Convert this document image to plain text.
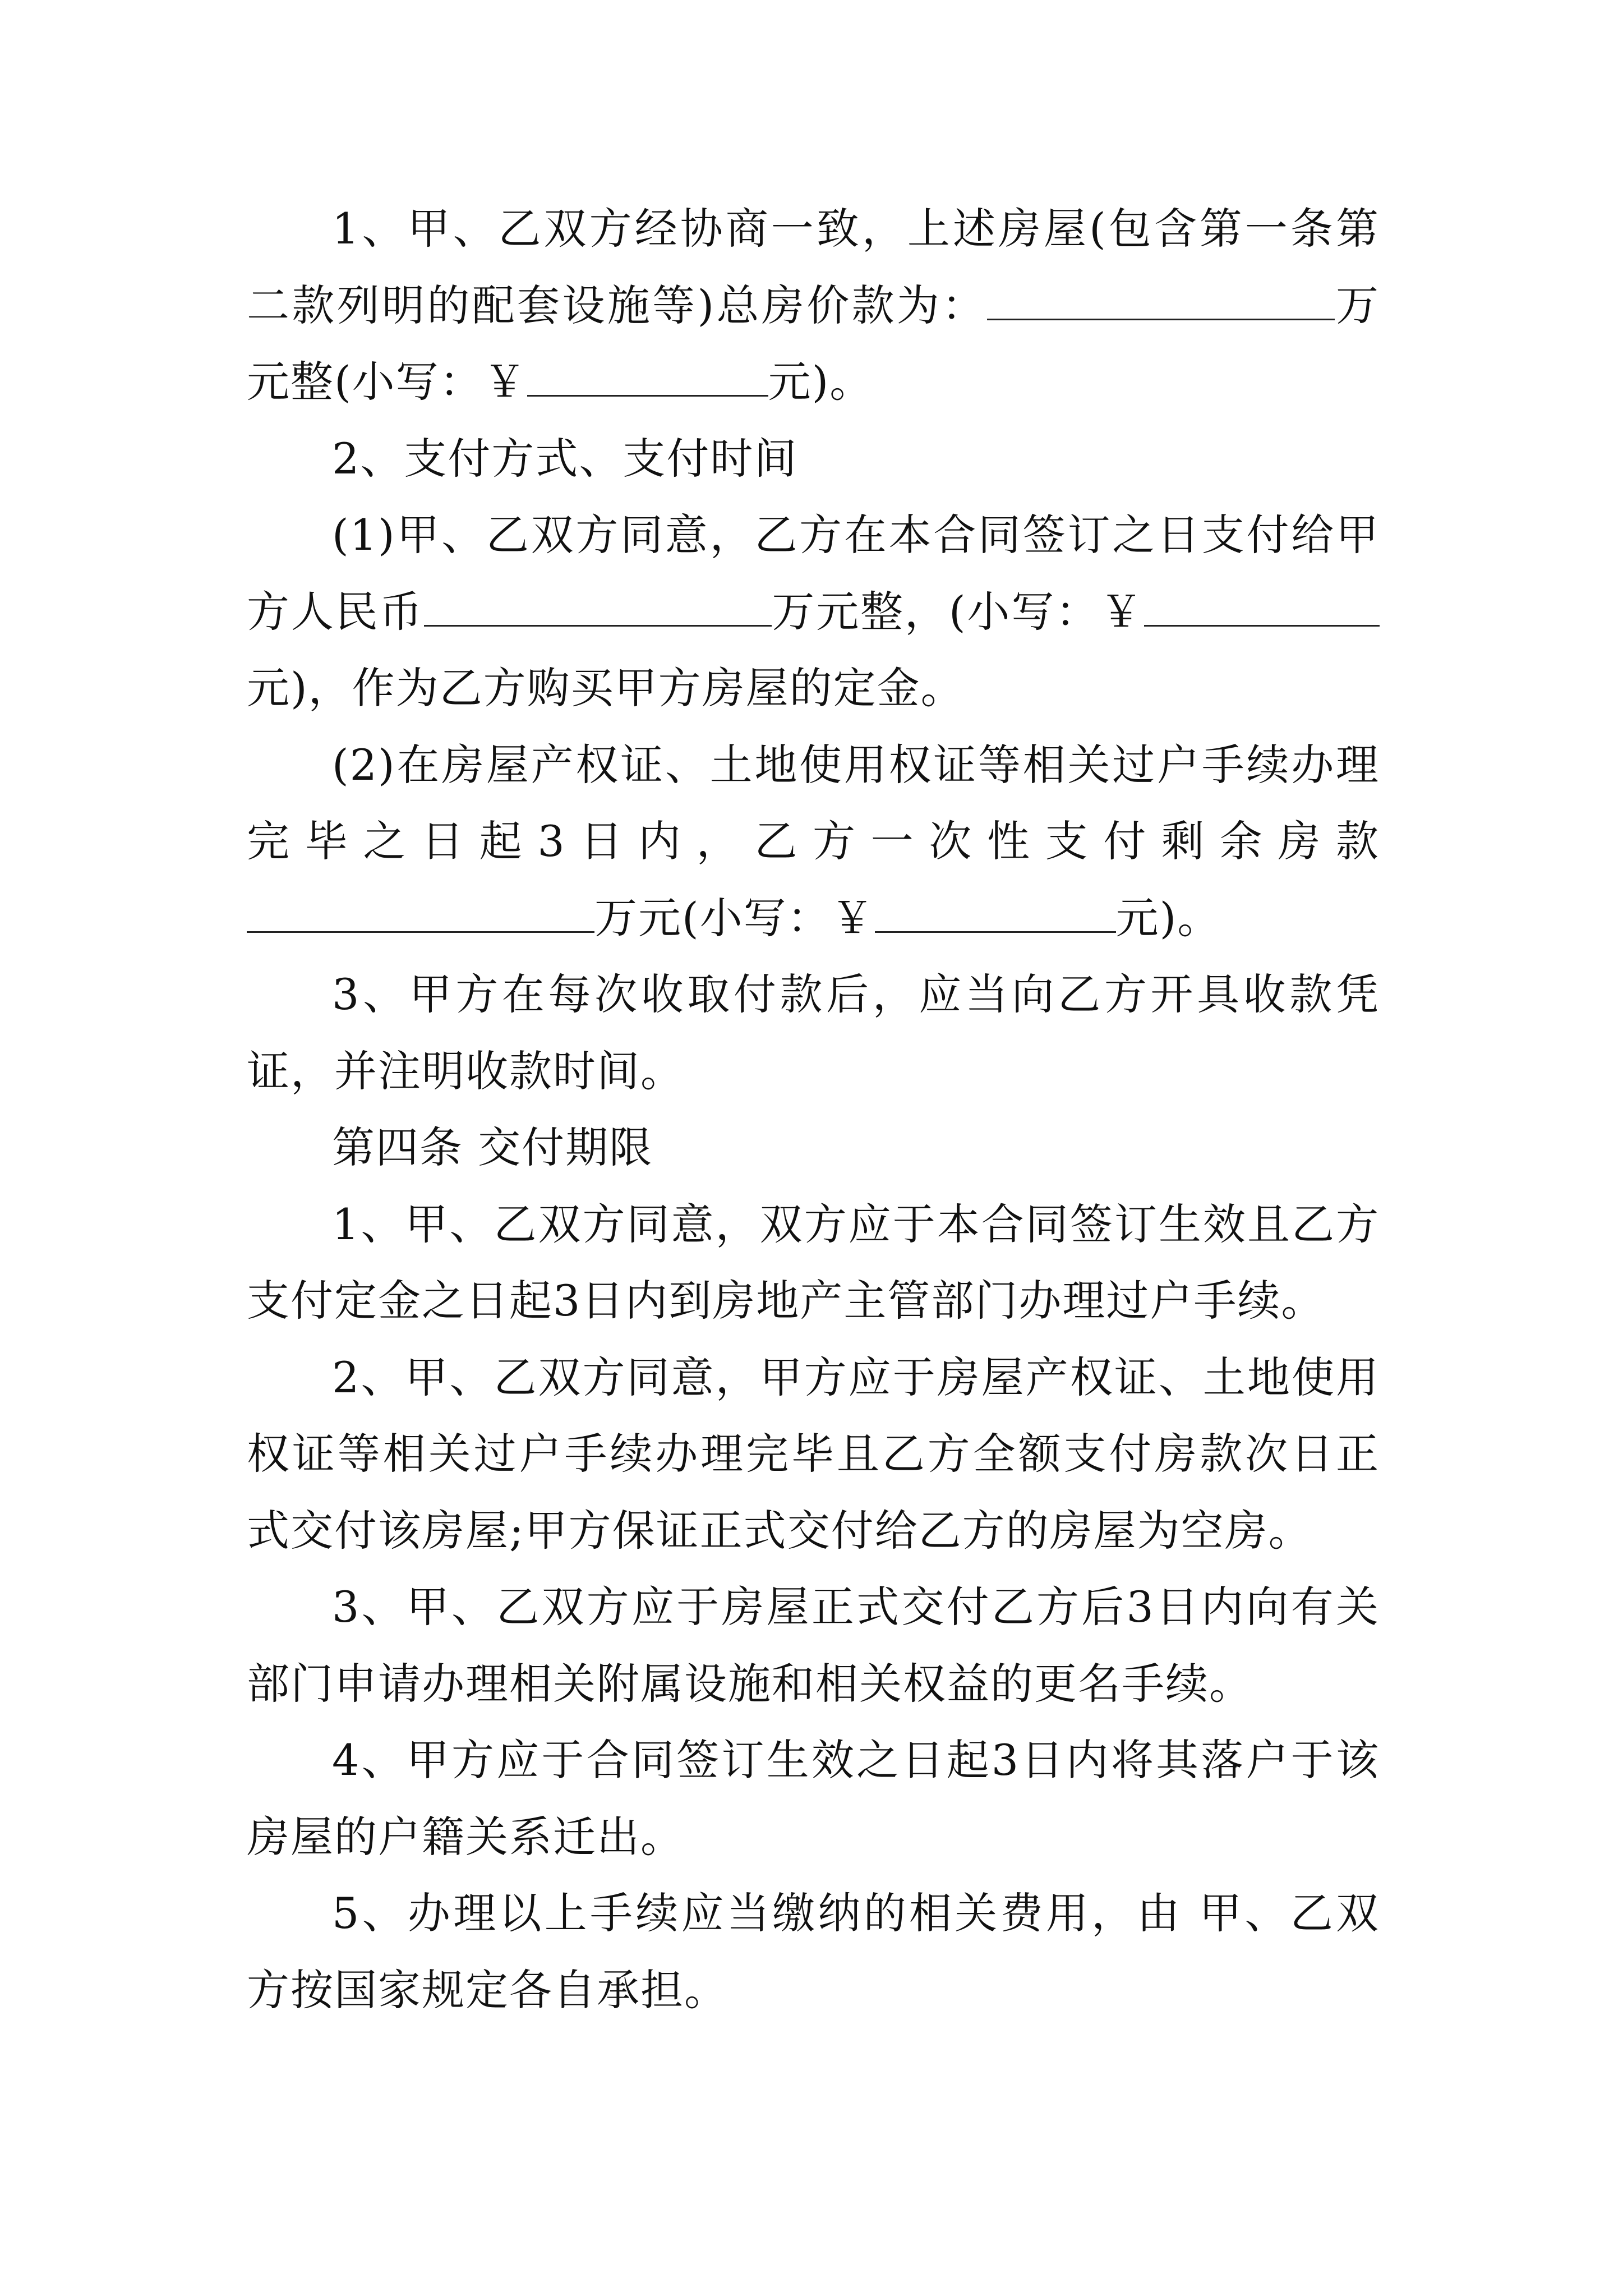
1、甲、乙双方经协商一致，上述房屋(包含第一条第二款列明的配套设施等)总房价款为：	万元整(小写：￥	元)。

2、支付方式、支付时间

(1)甲、乙双方同意，乙方在本合同签订之日支付给甲方人民币	万元整，(小写：￥元)，作为乙方购买甲方房屋的定金。

(2)在房屋产权证、土地使用权证等相关过户手续办理完毕之日起3日内，乙方一次性支付剩余房款万元(小写：￥	元)。

3、甲方在每次收取付款后，应当向乙方开具收款凭证，并注明收款时间。

第四条 交付期限

1、甲、乙双方同意，双方应于本合同签订生效且乙方支付定金之日起3日内到房地产主管部门办理过户手续。

2、甲、乙双方同意，甲方应于房屋产权证、土地使用权证等相关过户手续办理完毕且乙方全额支付房款次日正式交付该房屋;甲方保证正式交付给乙方的房屋为空房。

3、甲、乙双方应于房屋正式交付乙方后3日内向有关部门申请办理相关附属设施和相关权益的更名手续。

4、甲方应于合同签订生效之日起3日内将其落户于该房屋的户籍关系迁出。

5、办理以上手续应当缴纳的相关费用，由 甲、乙双方按国家规定各自承担。
